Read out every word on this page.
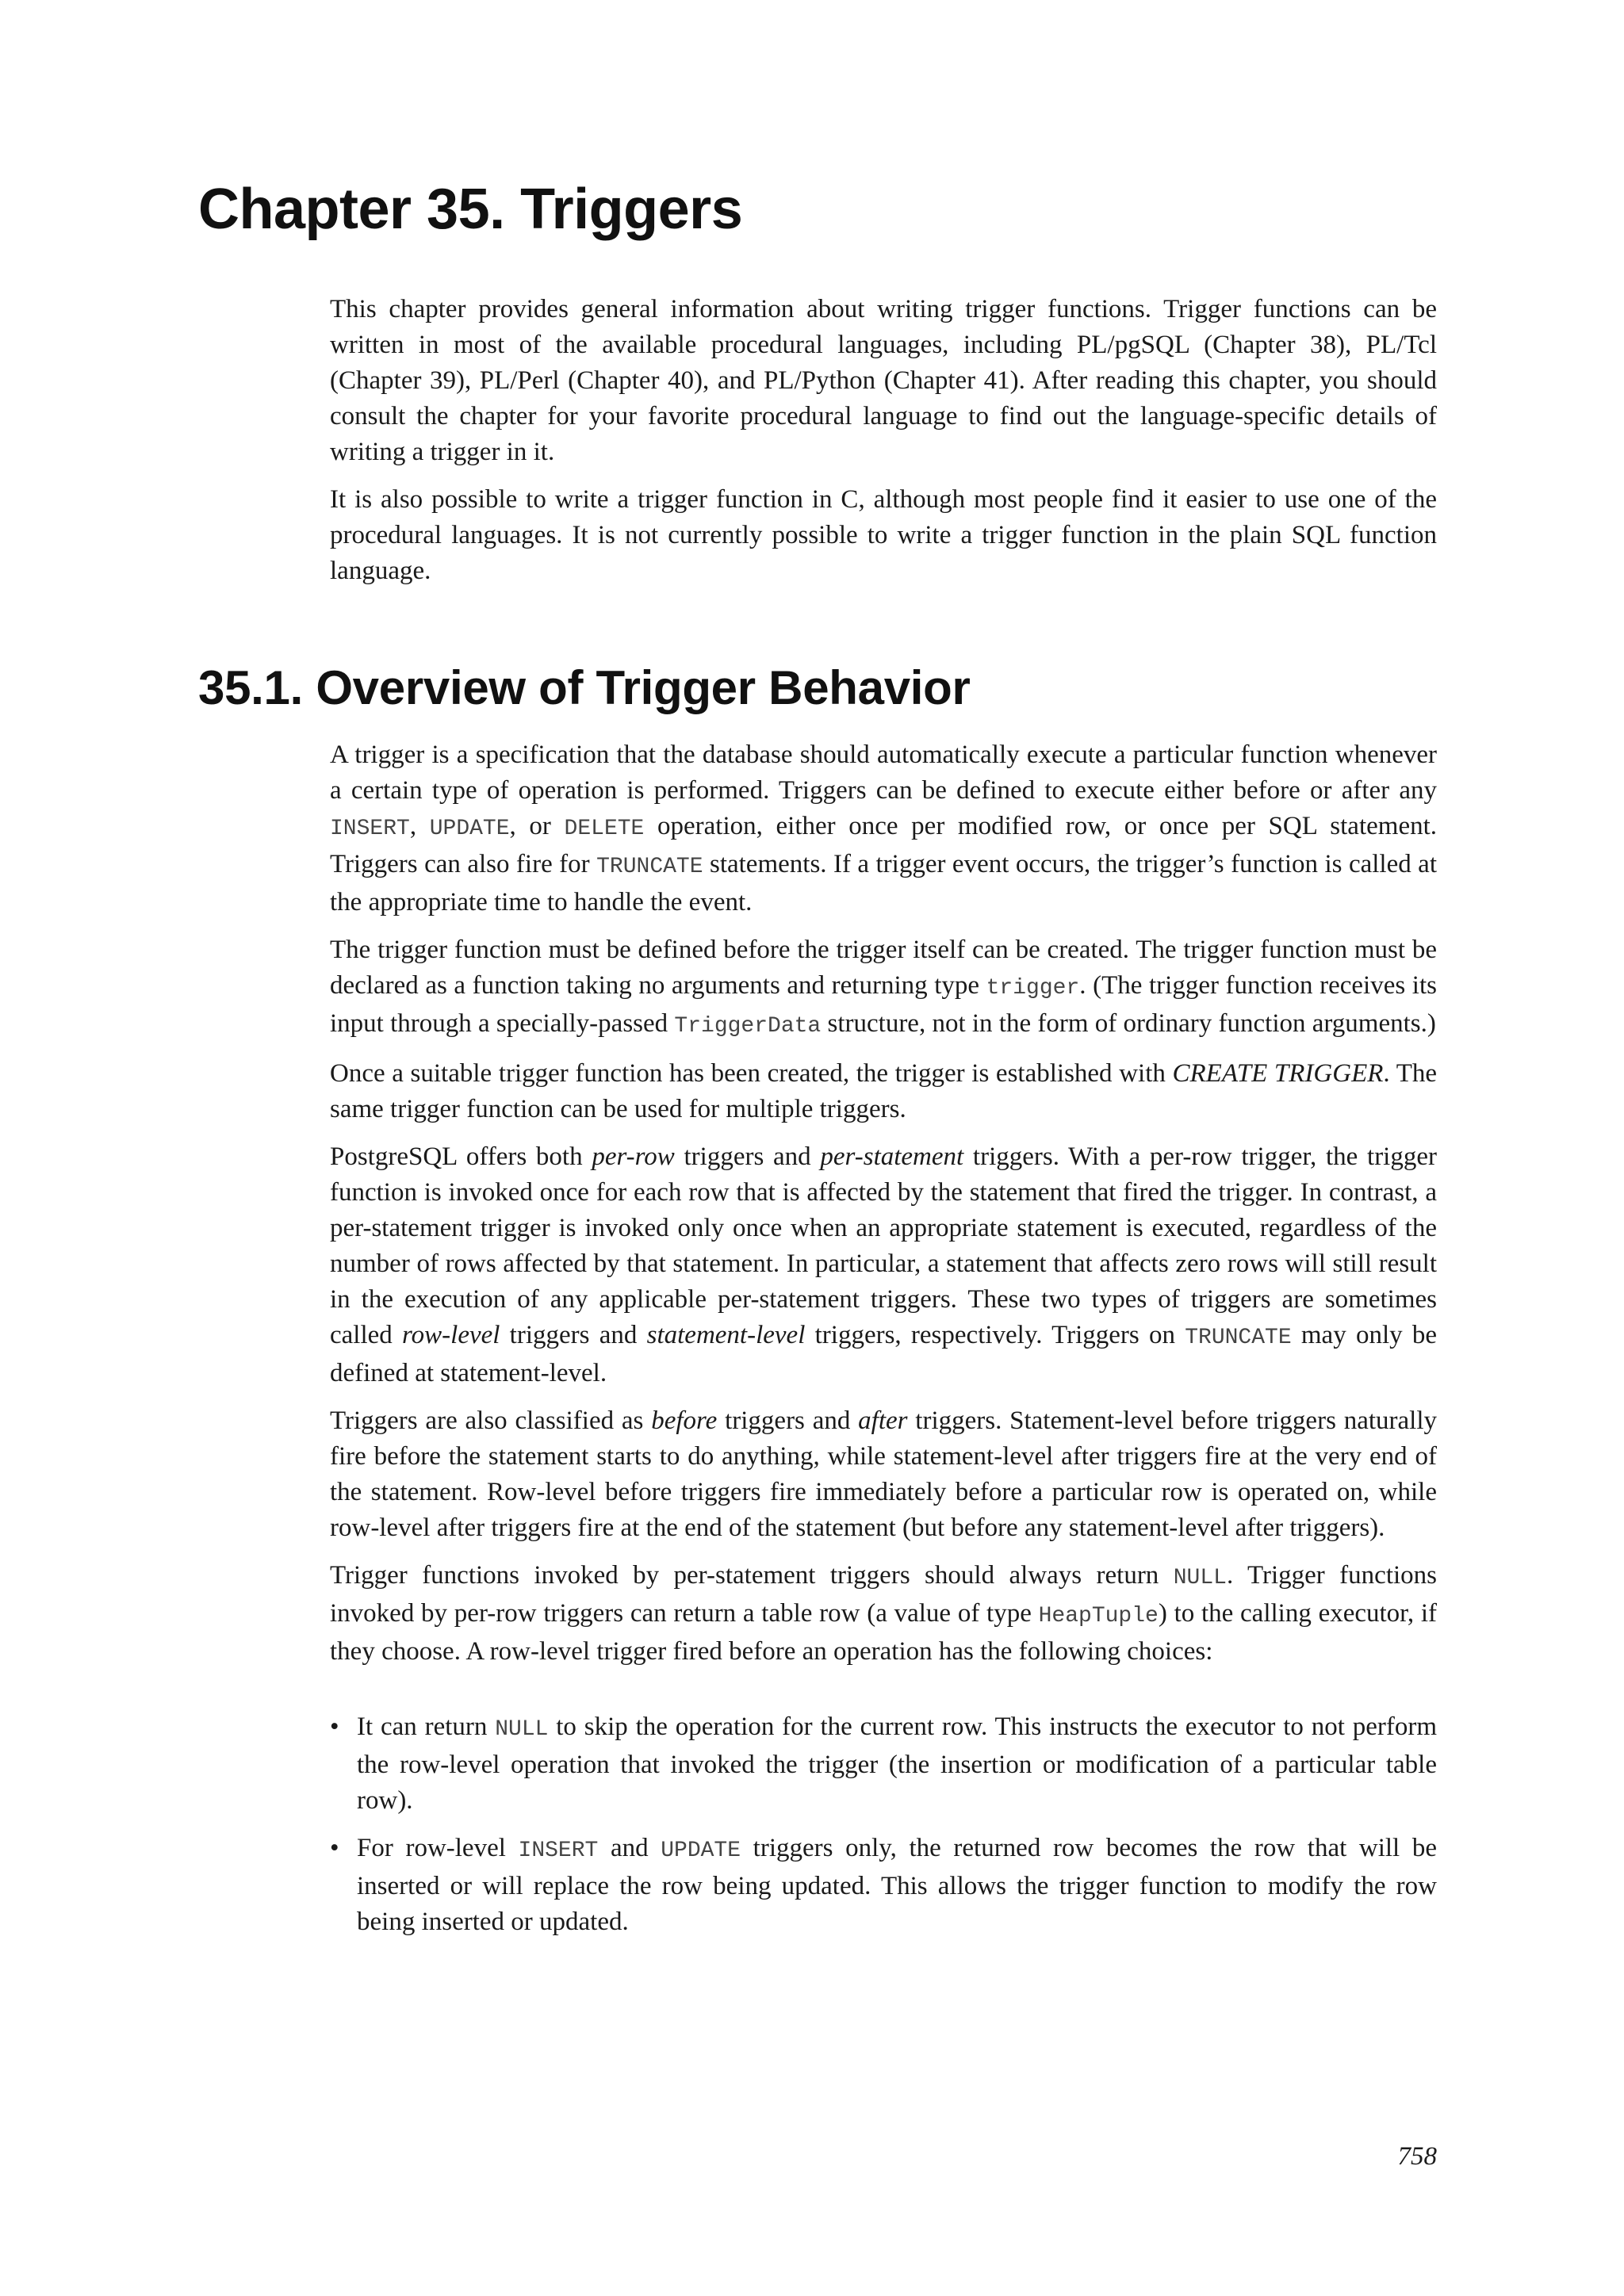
Chapter 35. Triggers

This chapter provides general information about writing trigger functions. Trigger functions can be written in most of the available procedural languages, including PL/pgSQL (Chapter 38), PL/Tcl (Chapter 39), PL/Perl (Chapter 40), and PL/Python (Chapter 41). After reading this chapter, you should consult the chapter for your favorite procedural language to find out the language-specific details of writing a trigger in it.

It is also possible to write a trigger function in C, although most people find it easier to use one of the procedural languages. It is not currently possible to write a trigger function in the plain SQL function language.

35.1. Overview of Trigger Behavior

A trigger is a specification that the database should automatically execute a particular function whenever a certain type of operation is performed. Triggers can be defined to execute either before or after any INSERT, UPDATE, or DELETE operation, either once per modified row, or once per SQL statement. Triggers can also fire for TRUNCATE statements. If a trigger event occurs, the trigger’s function is called at the appropriate time to handle the event.

The trigger function must be defined before the trigger itself can be created. The trigger function must be declared as a function taking no arguments and returning type trigger. (The trigger function receives its input through a specially-passed TriggerData structure, not in the form of ordinary function arguments.)

Once a suitable trigger function has been created, the trigger is established with CREATE TRIGGER. The same trigger function can be used for multiple triggers.

PostgreSQL offers both per-row triggers and per-statement triggers. With a per-row trigger, the trigger function is invoked once for each row that is affected by the statement that fired the trigger. In contrast, a per-statement trigger is invoked only once when an appropriate statement is executed, regardless of the number of rows affected by that statement. In particular, a statement that affects zero rows will still result in the execution of any applicable per-statement triggers. These two types of triggers are sometimes called row-level triggers and statement-level triggers, respectively. Triggers on TRUNCATE may only be defined at statement-level.

Triggers are also classified as before triggers and after triggers. Statement-level before triggers naturally fire before the statement starts to do anything, while statement-level after triggers fire at the very end of the statement. Row-level before triggers fire immediately before a particular row is operated on, while row-level after triggers fire at the end of the statement (but before any statement-level after triggers).

Trigger functions invoked by per-statement triggers should always return NULL. Trigger functions invoked by per-row triggers can return a table row (a value of type HeapTuple) to the calling executor, if they choose. A row-level trigger fired before an operation has the following choices:

• It can return NULL to skip the operation for the current row. This instructs the executor to not perform the row-level operation that invoked the trigger (the insertion or modification of a particular table row).
• For row-level INSERT and UPDATE triggers only, the returned row becomes the row that will be inserted or will replace the row being updated. This allows the trigger function to modify the row being inserted or updated.
758
